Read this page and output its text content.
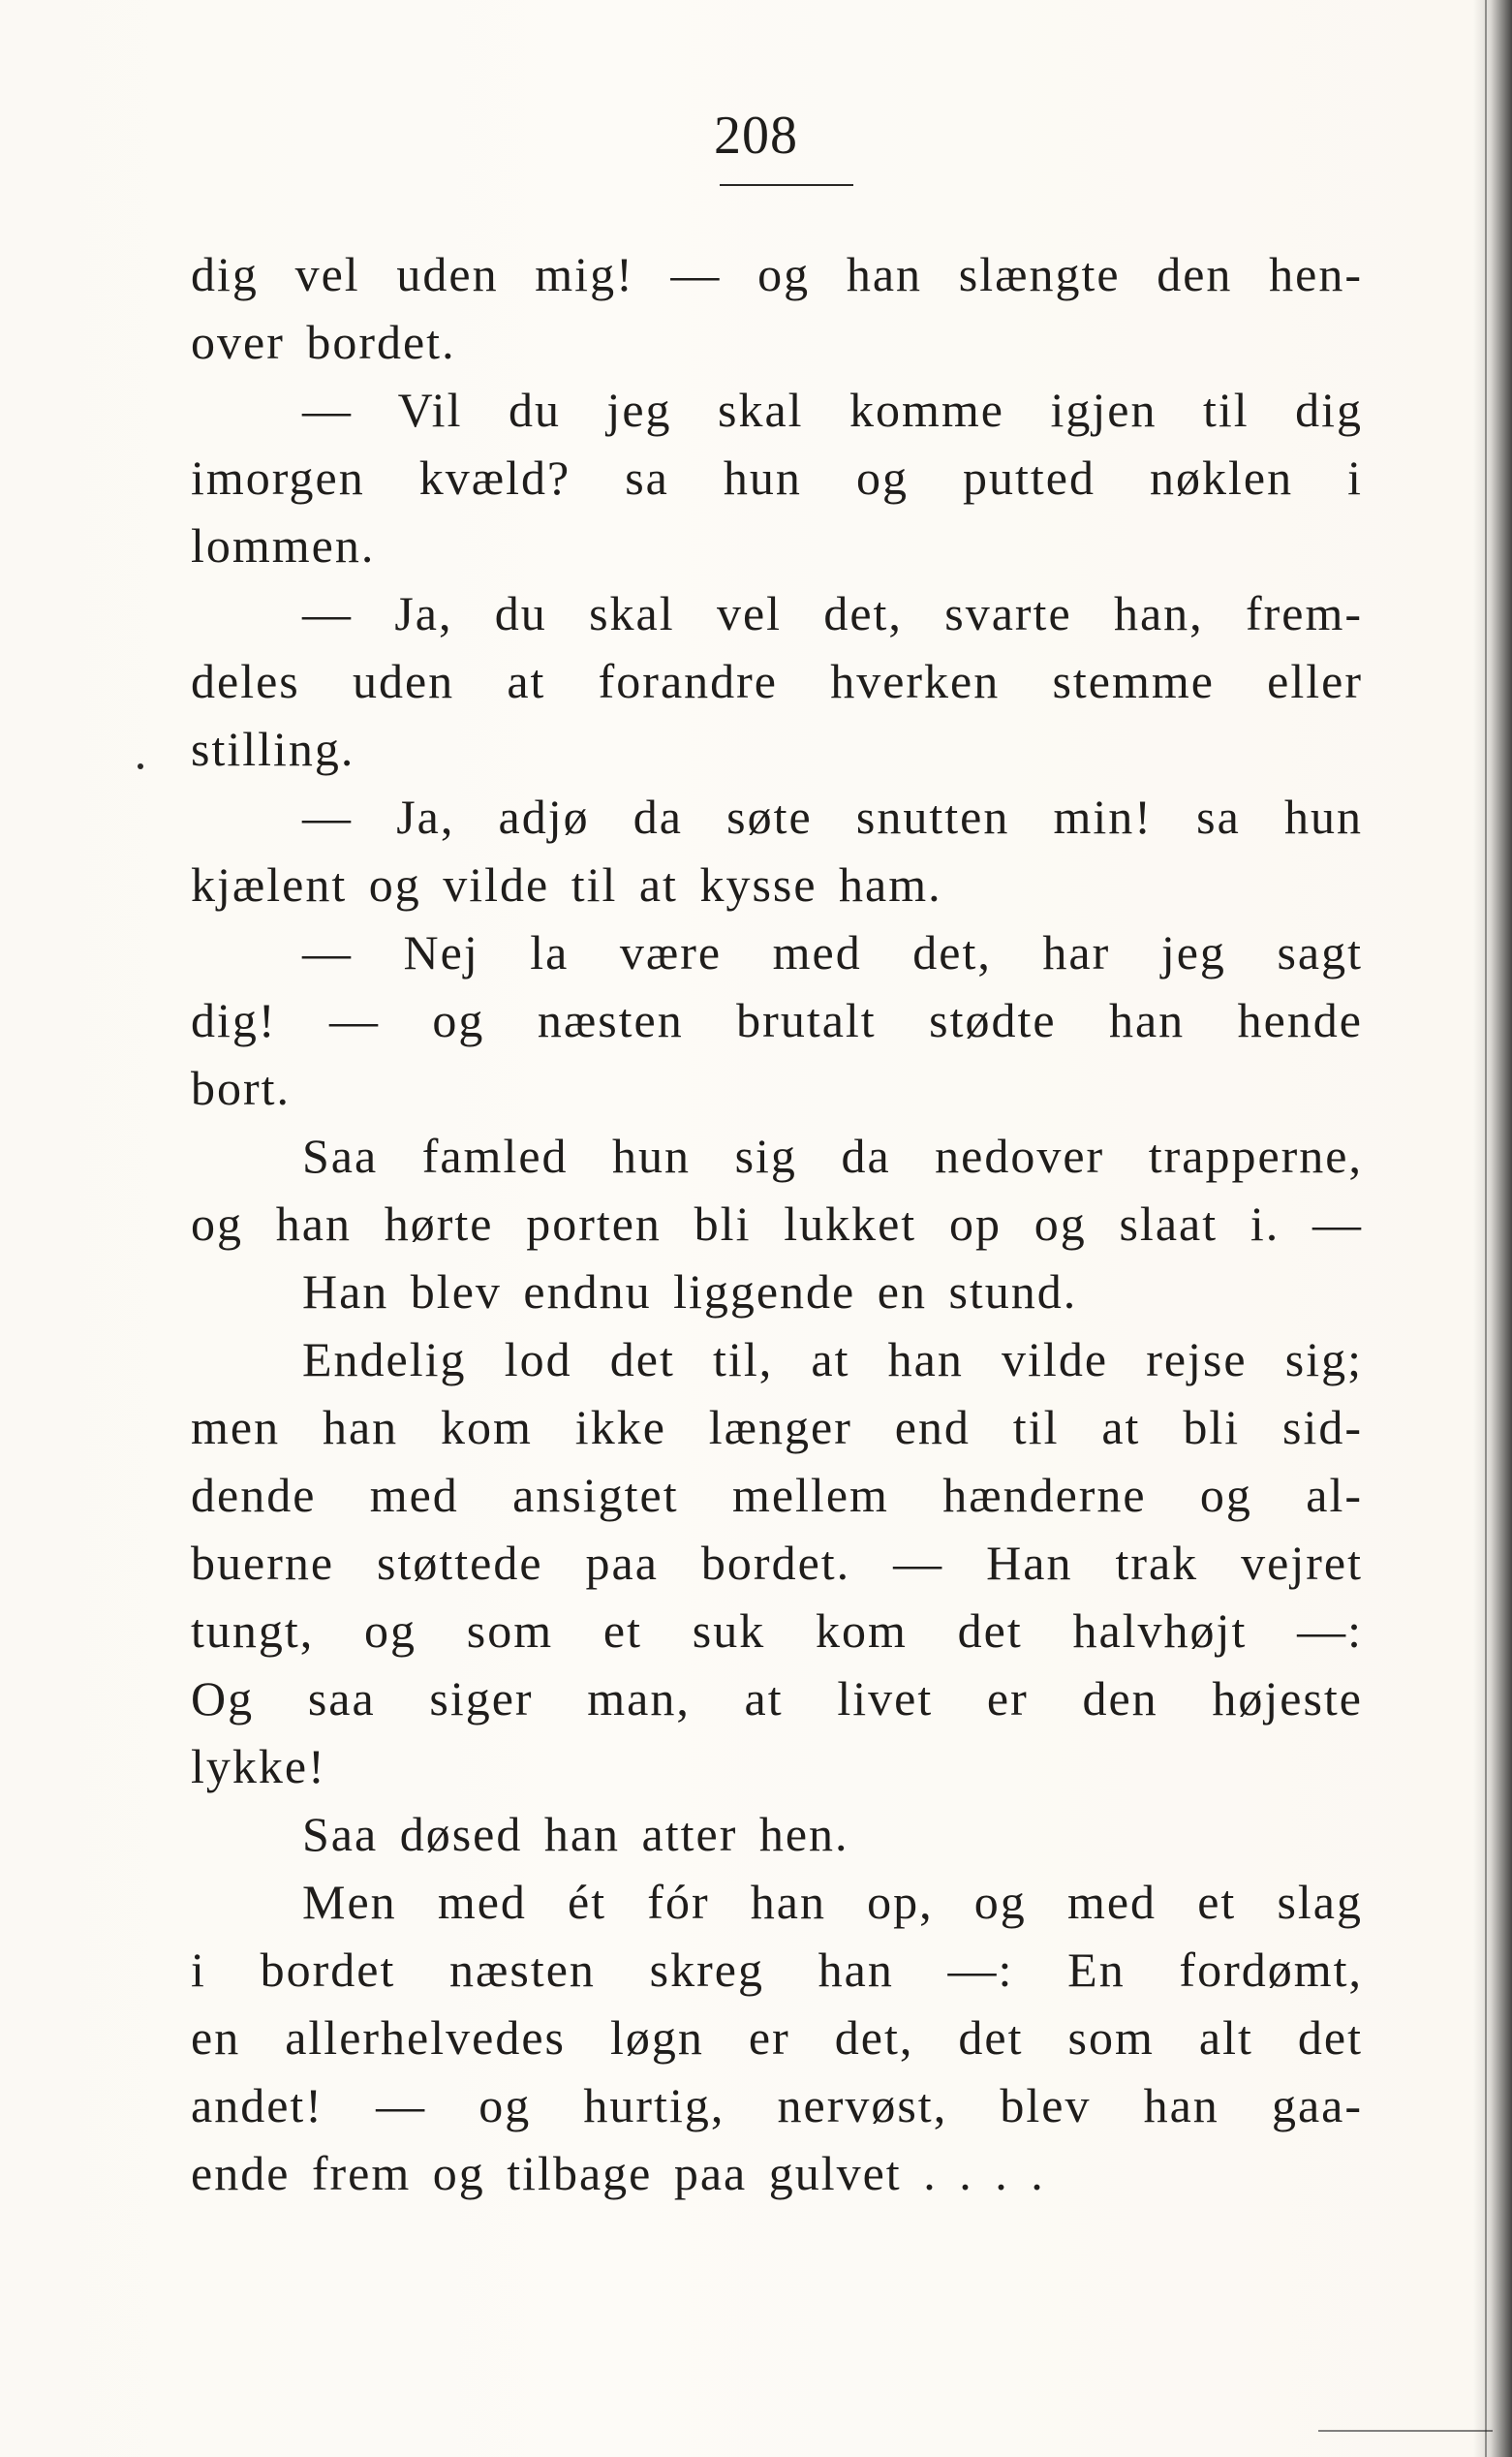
208
dig vel uden mig! — og han slængte den hen-
over bordet.
— Vil du jeg skal komme igjen til dig
imorgen kvæld? sa hun og putted nøklen i
lommen.
— Ja, du skal vel det, svarte han, frem-
deles uden at forandre hverken stemme eller
stilling.
— Ja, adjø da søte snutten min! sa hun
kjælent og vilde til at kysse ham.
— Nej la være med det, har jeg sagt
dig! — og næsten brutalt stødte han hende
bort.
Saa famled hun sig da nedover trapperne,
og han hørte porten bli lukket op og slaat i. —
Han blev endnu liggende en stund.
Endelig lod det til, at han vilde rejse sig;
men han kom ikke længer end til at bli sid-
dende med ansigtet mellem hænderne og al-
buerne støttede paa bordet. — Han trak vejret
tungt, og som et suk kom det halvhøjt —:
Og saa siger man, at livet er den højeste
lykke!
Saa døsed han atter hen.
Men med ét fór han op, og med et slag
i bordet næsten skreg han —: En fordømt,
en allerhelvedes løgn er det, det som alt det
andet! — og hurtig, nervøst, blev han gaa-
ende frem og tilbage paa gulvet . . . .
